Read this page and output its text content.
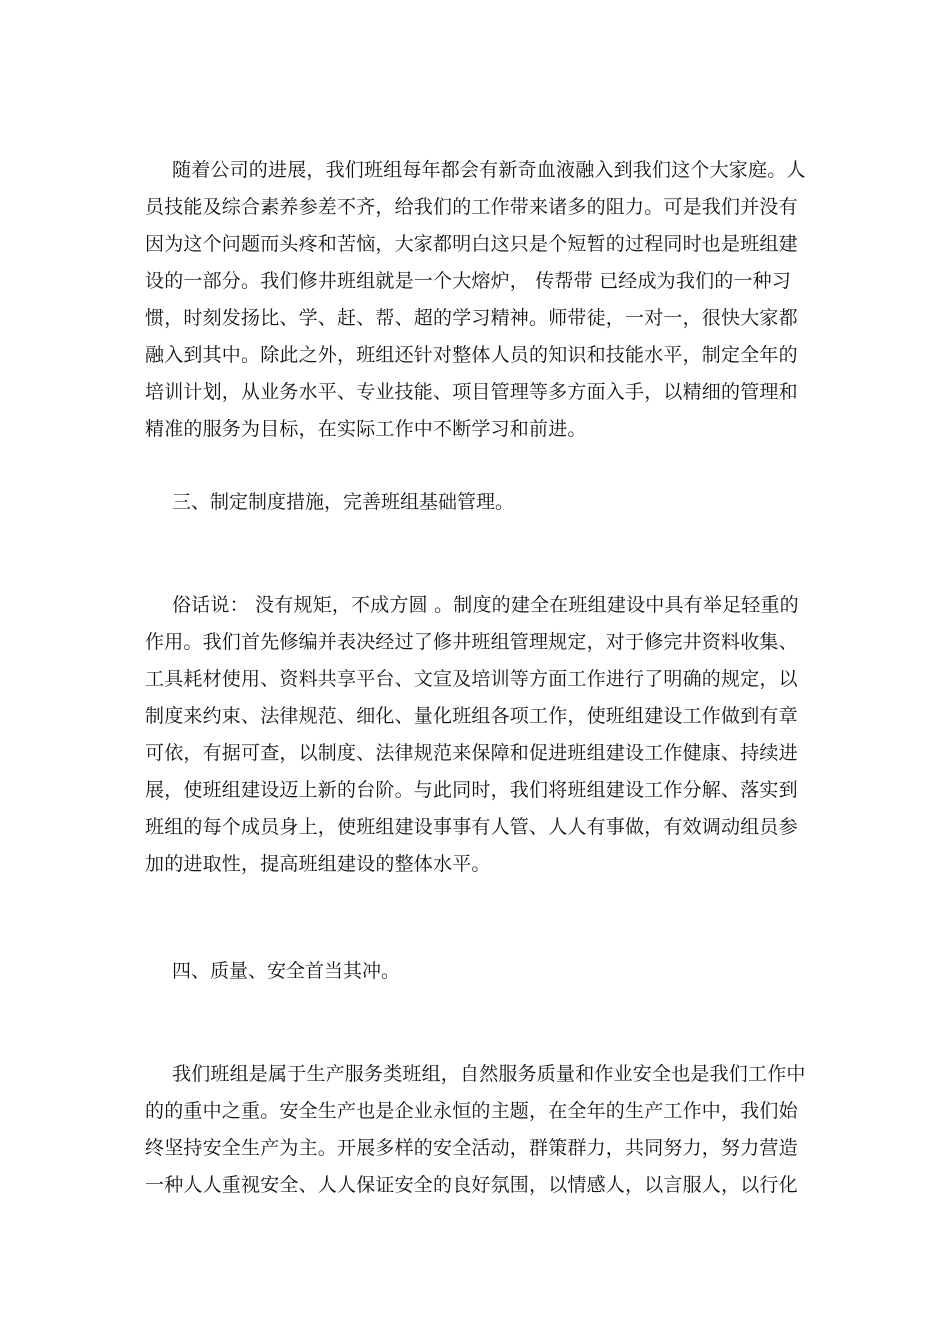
随着公司的进展，我们班组每年都会有新奇血液融入到我们这个大家庭。人
员技能及综合素养参差不齐，给我们的工作带来诸多的阻力。可是我们并没有
因为这个问题而头疼和苦恼，大家都明白这只是个短暂的过程同时也是班组建
设的一部分。我们修井班组就是一个大熔炉， 传帮带 已经成为我们的一种习
惯，时刻发扬比、学、赶、帮、超的学习精神。师带徒，一对一，很快大家都
融入到其中。除此之外，班组还针对整体人员的知识和技能水平，制定全年的
培训计划，从业务水平、专业技能、项目管理等多方面入手，以精细的管理和
精准的服务为目标，在实际工作中不断学习和前进。
三、制定制度措施，完善班组基础管理。
俗话说： 没有规矩，不成方圆 。制度的建全在班组建设中具有举足轻重的
作用。我们首先修编并表决经过了修井班组管理规定，对于修完井资料收集、
工具耗材使用、资料共享平台、文宣及培训等方面工作进行了明确的规定，以
制度来约束、法律规范、细化、量化班组各项工作，使班组建设工作做到有章
可依，有据可查，以制度、法律规范来保障和促进班组建设工作健康、持续进
展，使班组建设迈上新的台阶。与此同时，我们将班组建设工作分解、落实到
班组的每个成员身上，使班组建设事事有人管、人人有事做，有效调动组员参
加的进取性，提高班组建设的整体水平。
四、质量、安全首当其冲。
我们班组是属于生产服务类班组，自然服务质量和作业安全也是我们工作中
的的重中之重。安全生产也是企业永恒的主题，在全年的生产工作中，我们始
终坚持安全生产为主。开展多样的安全活动，群策群力，共同努力，努力营造
一种人人重视安全、人人保证安全的良好氛围，以情感人，以言服人，以行化
